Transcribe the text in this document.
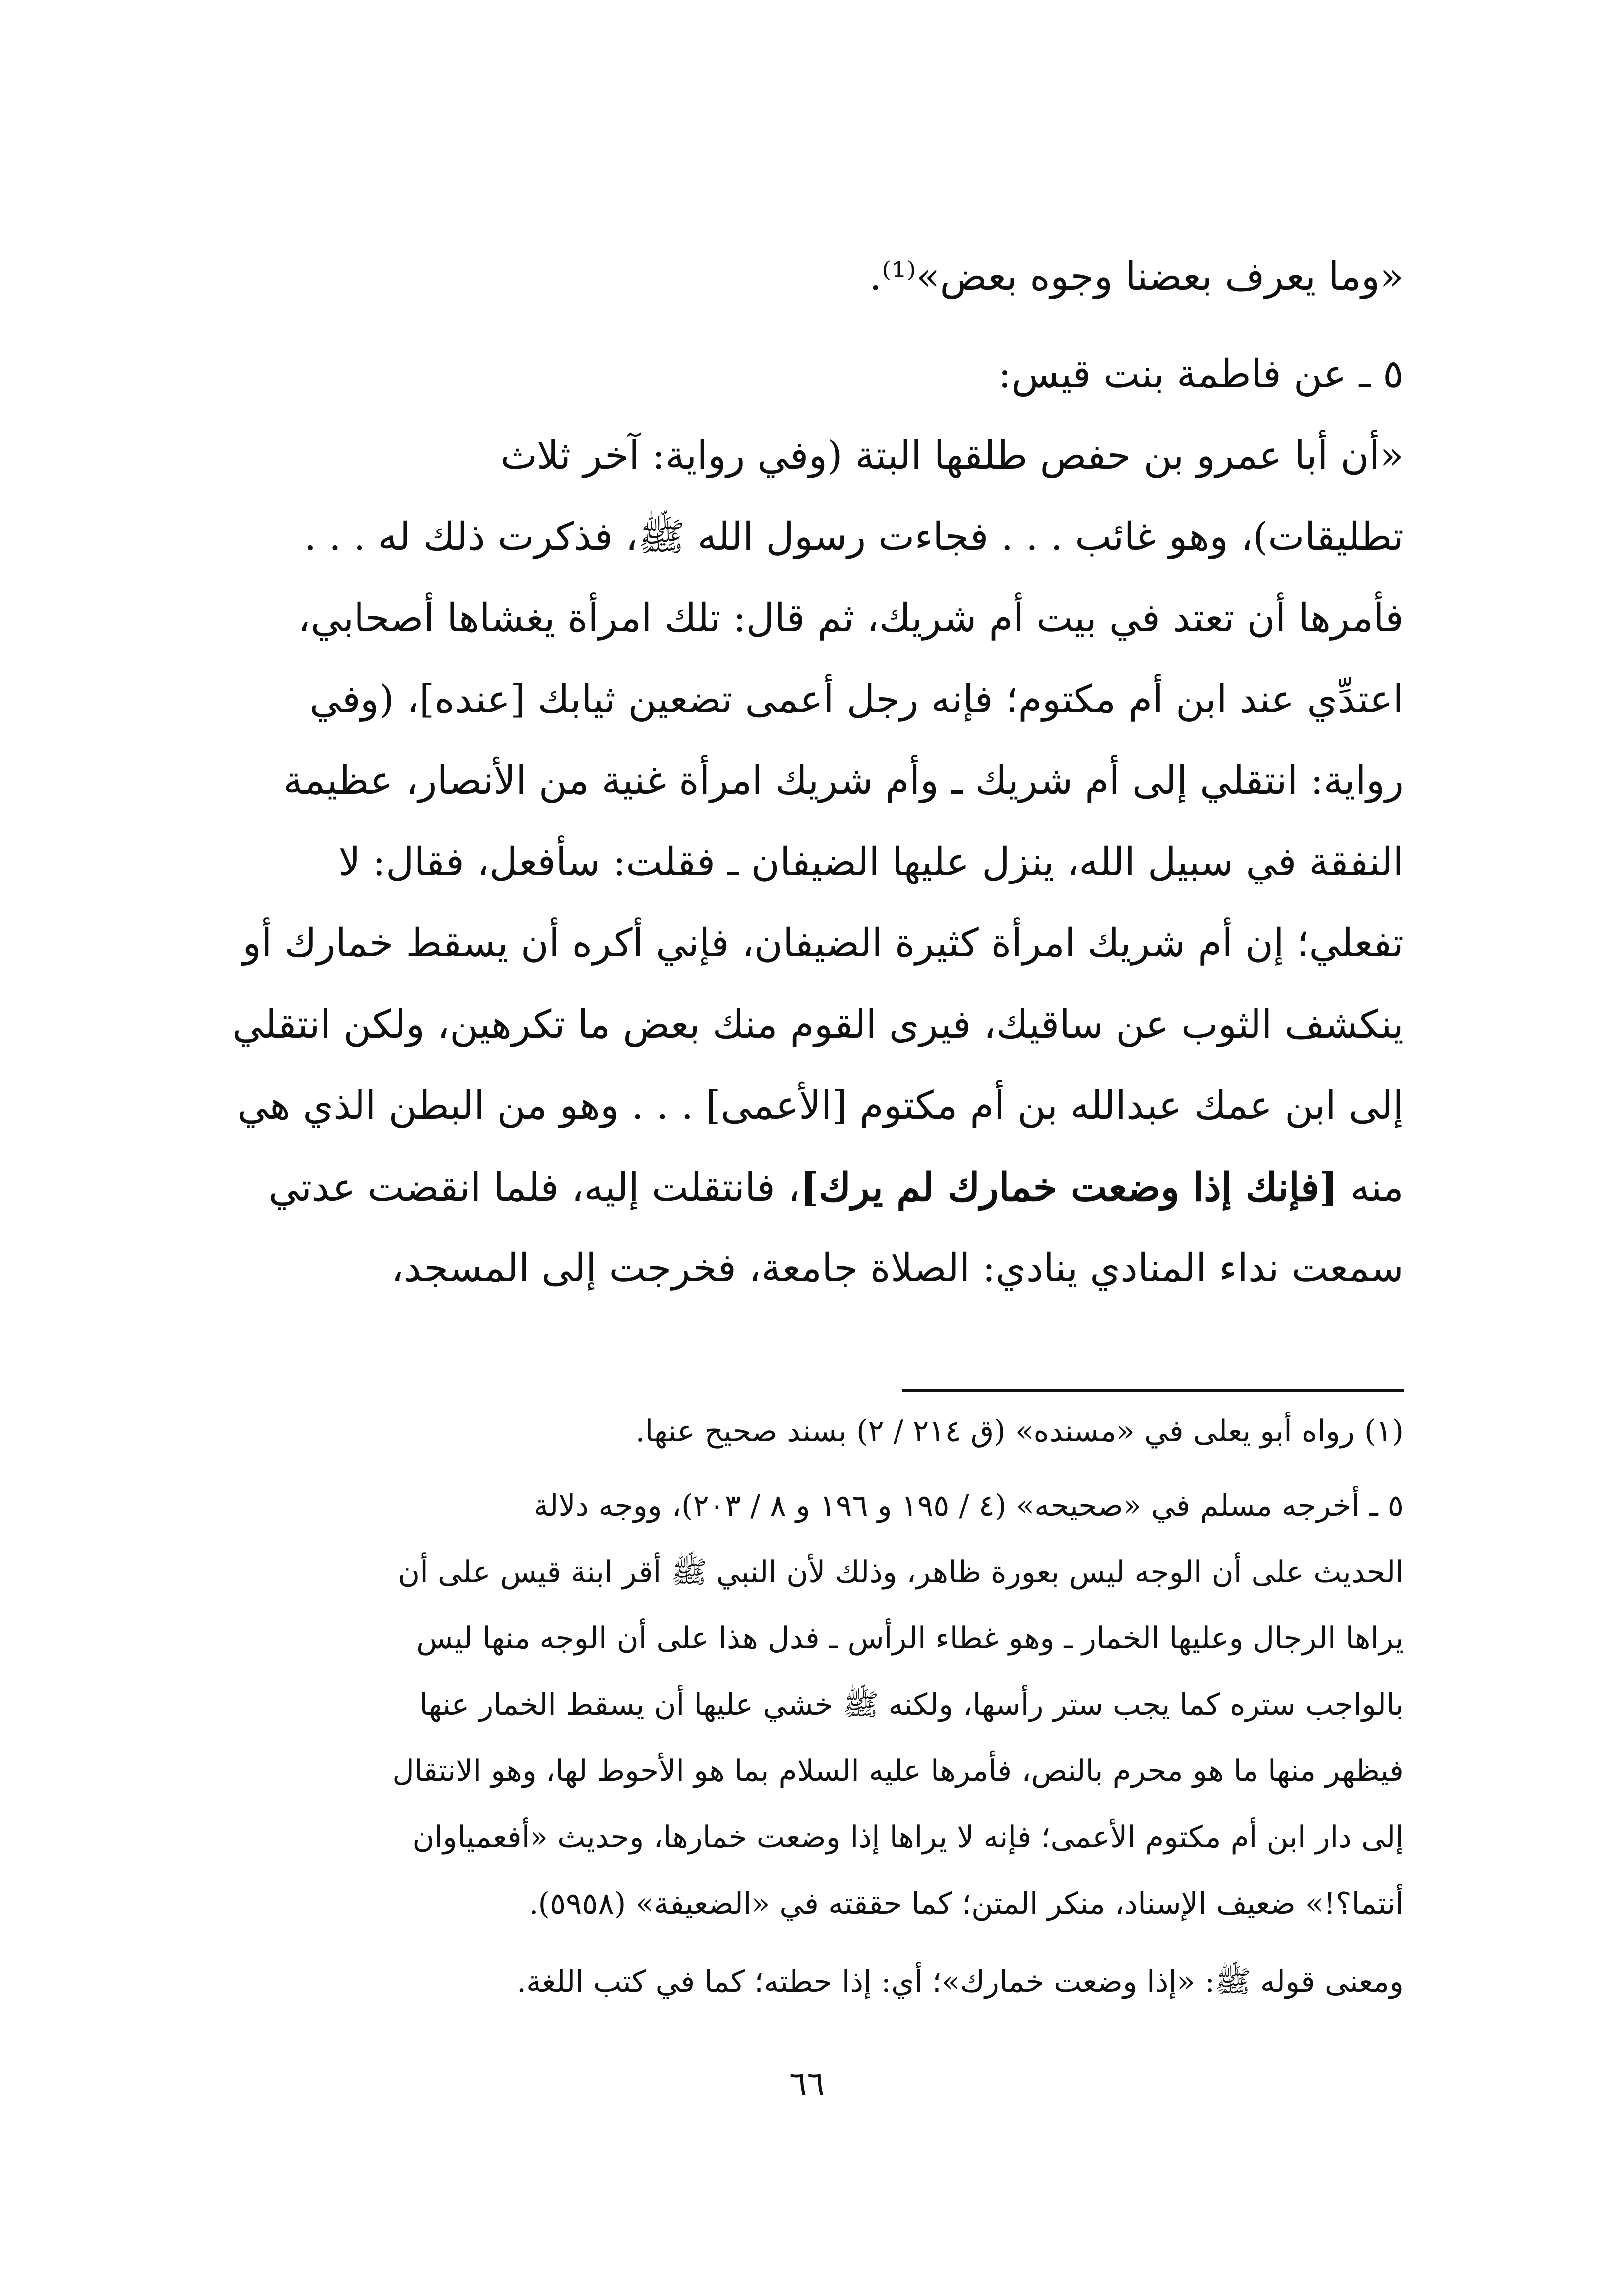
«وما يعرف بعضنا وجوه بعض»⁽¹⁾.
٥ ـ عن فاطمة بنت قيس:
«أن أبا عمرو بن حفص طلقها البتة (وفي رواية: آخر ثلاث
تطليقات)، وهو غائب . . . فجاءت رسول الله ﷺ، فذكرت ذلك له . . .
فأمرها أن تعتد في بيت أم شريك، ثم قال: تلك امرأة يغشاها أصحابي،
اعتدِّي عند ابن أم مكتوم؛ فإنه رجل أعمى تضعين ثيابك [عنده]، (وفي
رواية: انتقلي إلى أم شريك ـ وأم شريك امرأة غنية من الأنصار، عظيمة
النفقة في سبيل الله، ينزل عليها الضيفان ـ فقلت: سأفعل، فقال: لا
تفعلي؛ إن أم شريك امرأة كثيرة الضيفان، فإني أكره أن يسقط خمارك أو
ينكشف الثوب عن ساقيك، فيرى القوم منك بعض ما تكرهين، ولكن انتقلي
إلى ابن عمك عبدالله بن أم مكتوم [الأعمى] . . . وهو من البطن الذي هي
منه [فإنك إذا وضعت خمارك لم يرك]، فانتقلت إليه، فلما انقضت عدتي
سمعت نداء المنادي ينادي: الصلاة جامعة، فخرجت إلى المسجد،
(١) رواه أبو يعلى في «مسنده» (ق ٢١٤ / ٢) بسند صحيح عنها.
٥ ـ أخرجه مسلم في «صحيحه» (٤ / ١٩٥ و ١٩٦ و ٨ / ٢٠٣)، ووجه دلالة
الحديث على أن الوجه ليس بعورة ظاهر، وذلك لأن النبي ﷺ أقر ابنة قيس على أن
يراها الرجال وعليها الخمار ـ وهو غطاء الرأس ـ فدل هذا على أن الوجه منها ليس
بالواجب ستره كما يجب ستر رأسها، ولكنه ﷺ خشي عليها أن يسقط الخمار عنها
فيظهر منها ما هو محرم بالنص، فأمرها عليه السلام بما هو الأحوط لها، وهو الانتقال
إلى دار ابن أم مكتوم الأعمى؛ فإنه لا يراها إذا وضعت خمارها، وحديث «أفعمياوان
أنتما؟!» ضعيف الإسناد، منكر المتن؛ كما حققته في «الضعيفة» (٥٩٥٨).
ومعنى قوله ﷺ: «إذا وضعت خمارك»؛ أي: إذا حطته؛ كما في كتب اللغة.
٦٦
